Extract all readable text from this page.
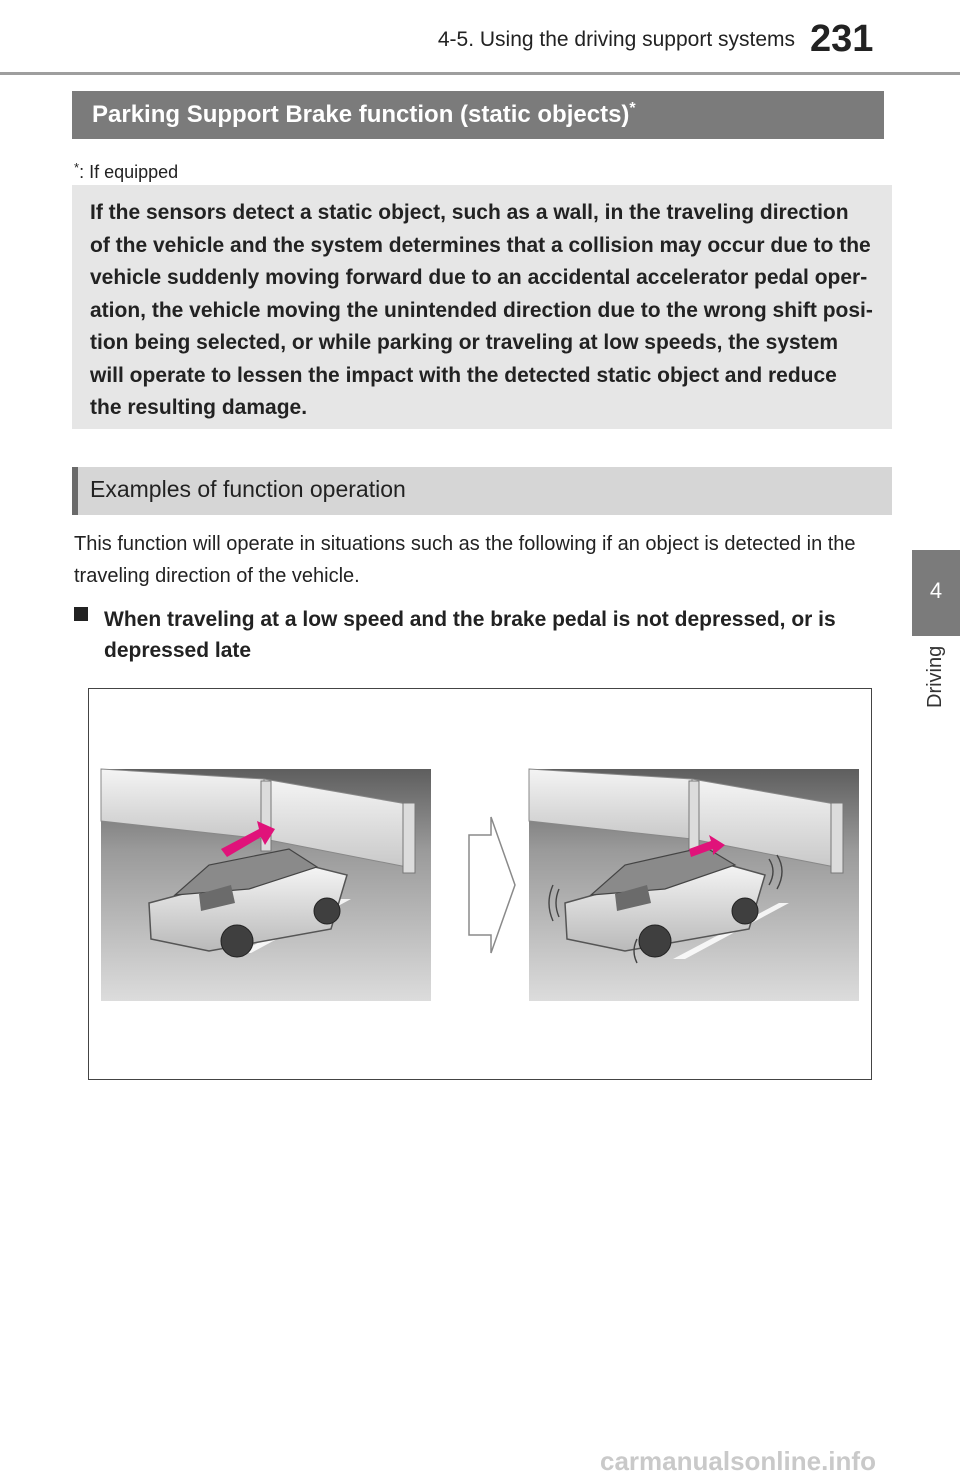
4-5. Using the driving support systems 231
4
Driving
Parking Support Brake function (static objects)*
*: If equipped

If the sensors detect a static object, such as a wall, in the traveling direction of the vehicle and the system determines that a collision may occur due to the vehicle suddenly moving forward due to an accidental accelerator pedal oper-ation, the vehicle moving the unintended direction due to the wrong shift posi-tion being selected, or while parking or traveling at low speeds, the system will operate to lessen the impact with the detected static object and reduce the resulting damage.

Examples of function operation

This function will operate in situations such as the following if an object is detected in the traveling direction of the vehicle.

When traveling at a low speed and the brake pedal is not depressed, or is depressed late

carmanualsonline.info
